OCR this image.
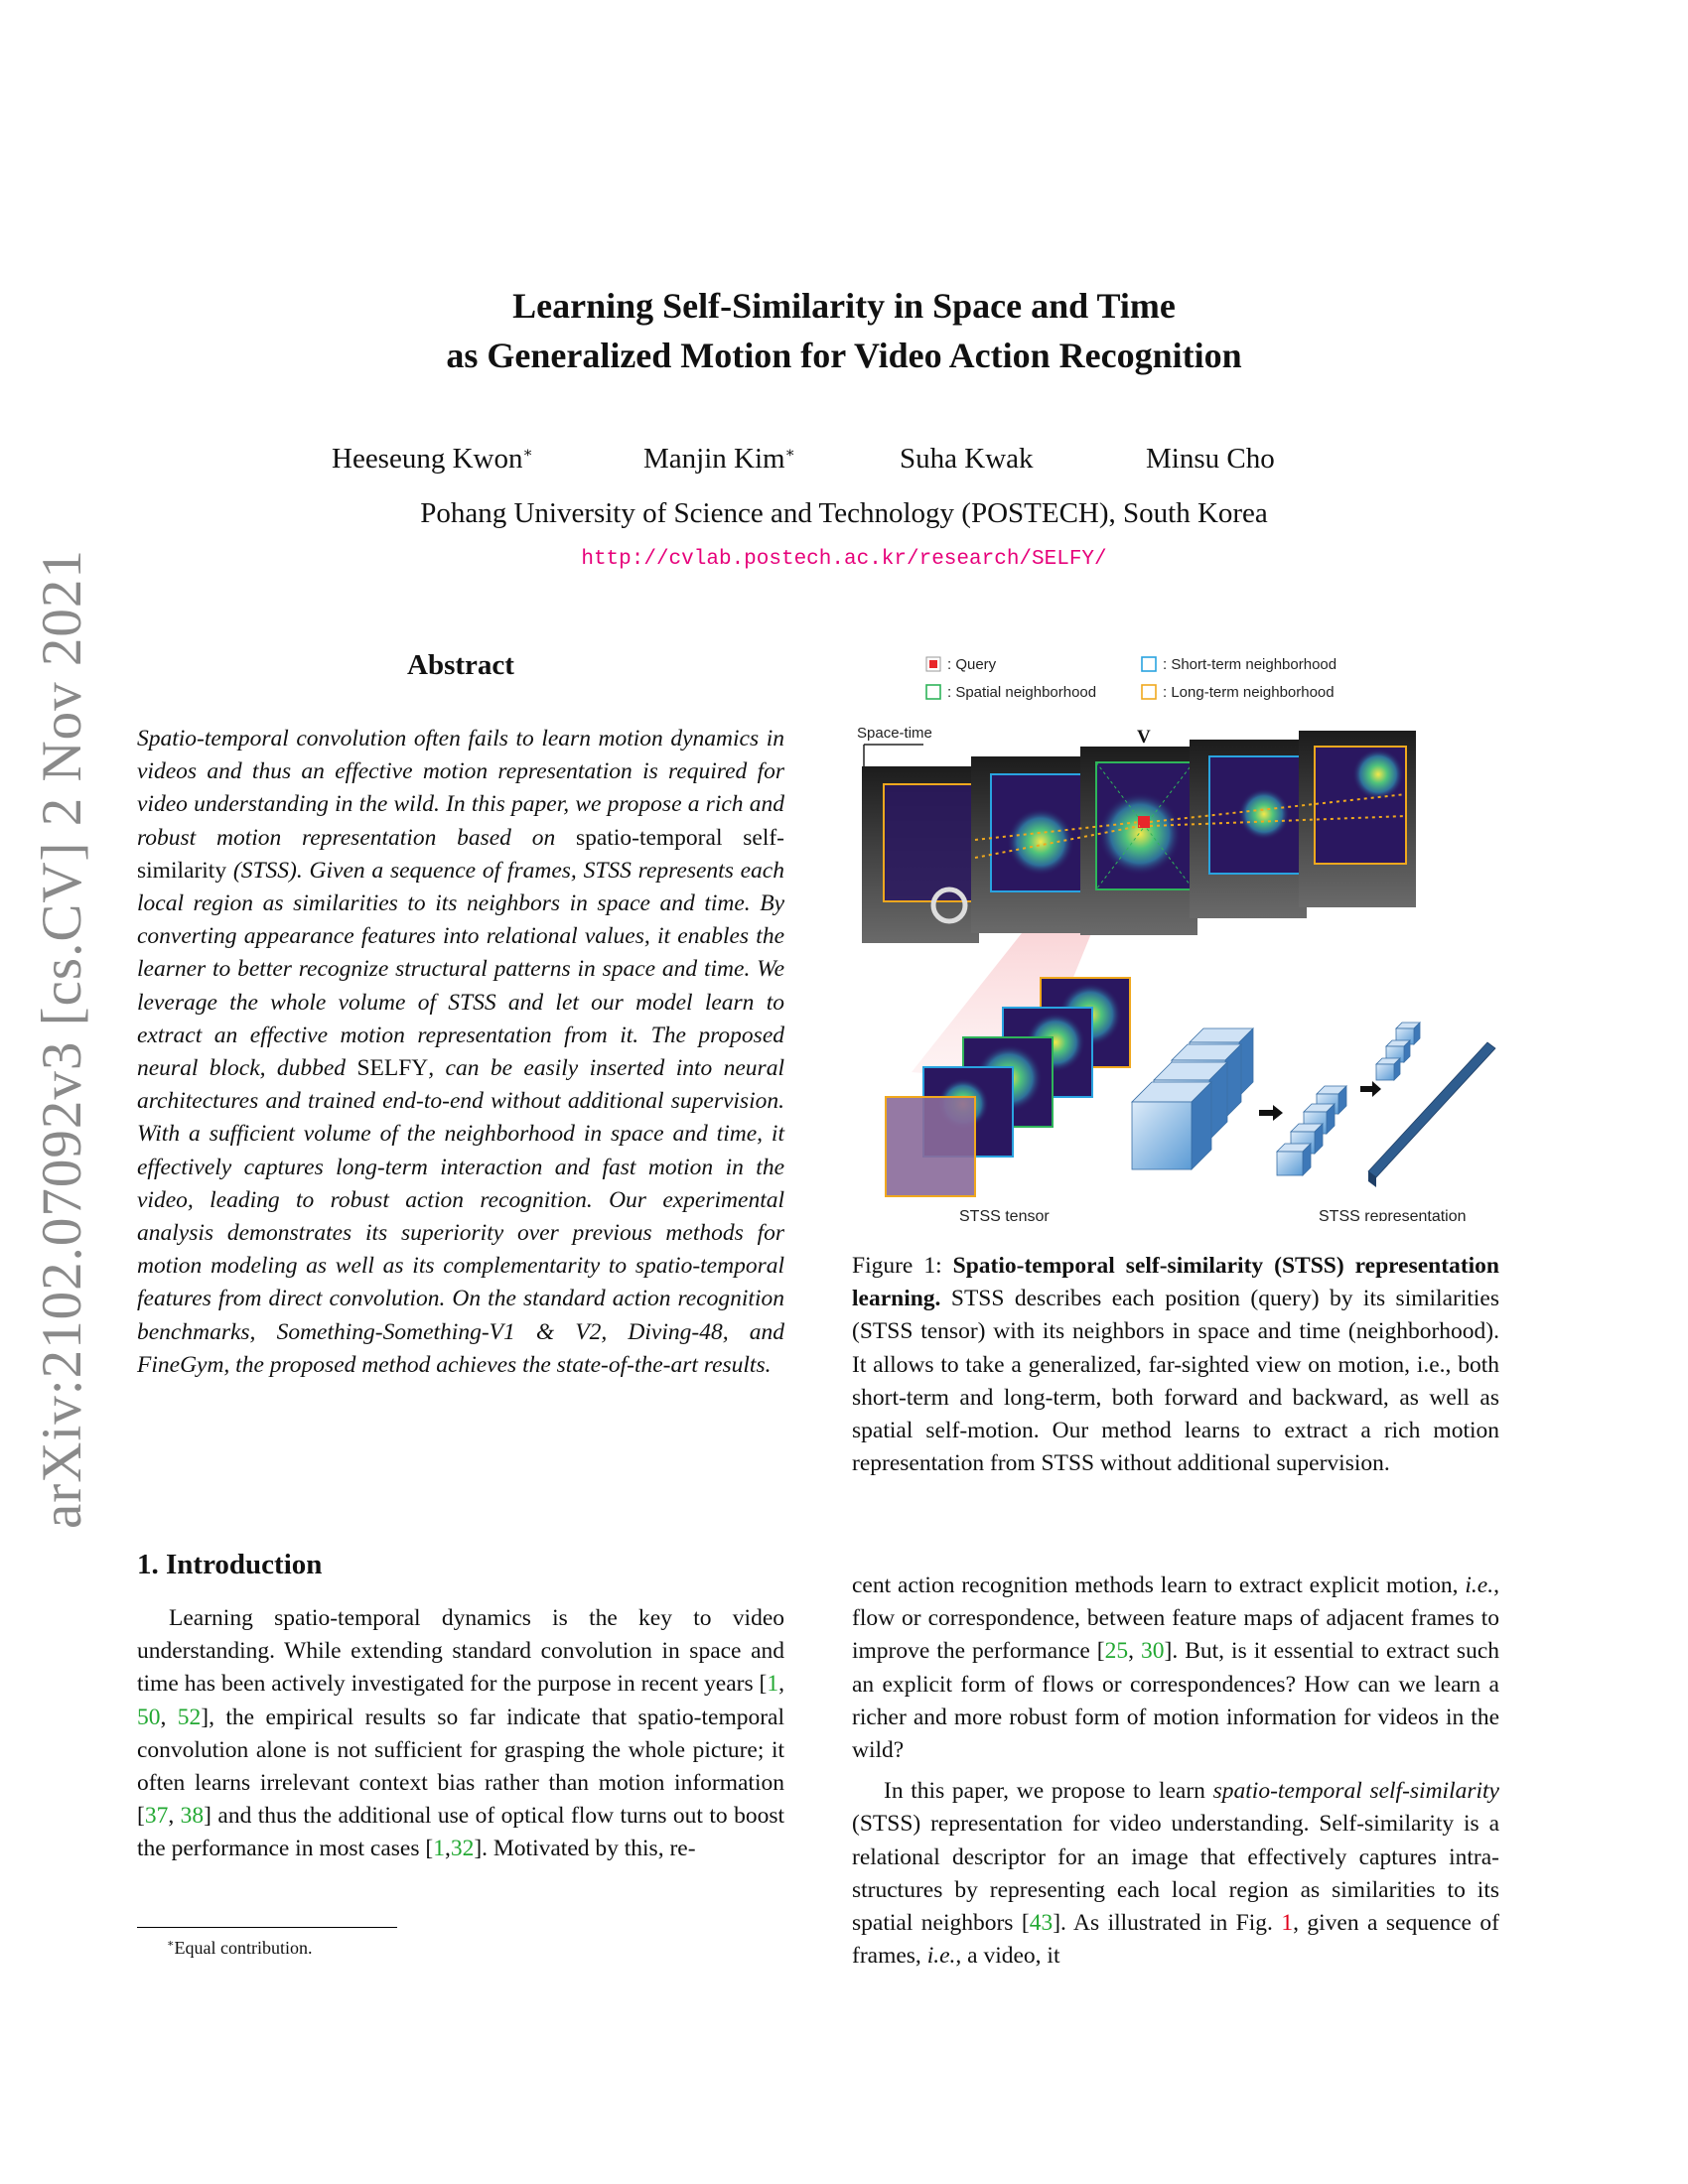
arXiv:2102.07092v3 [cs.CV] 2 Nov 2021
Learning Self-Similarity in Space and Time
as Generalized Motion for Video Action Recognition
Heeseung Kwon∗	Manjin Kim∗	Suha Kwak	Minsu Cho
Pohang University of Science and Technology (POSTECH), South Korea
http://cvlab.postech.ac.kr/research/SELFY/
Abstract
Spatio-temporal convolution often fails to learn motion dynamics in videos and thus an effective motion representation is required for video understanding in the wild. In this paper, we propose a rich and robust motion representation based on spatio-temporal self-similarity (STSS). Given a sequence of frames, STSS represents each local region as similarities to its neighbors in space and time. By converting appearance features into relational values, it enables the learner to better recognize structural patterns in space and time. We leverage the whole volume of STSS and let our model learn to extract an effective motion representation from it. The proposed neural block, dubbed SELFY, can be easily inserted into neural architectures and trained end-to-end without additional supervision. With a sufficient volume of the neighborhood in space and time, it effectively captures long-term interaction and fast motion in the video, leading to robust action recognition. Our experimental analysis demonstrates its superiority over previous methods for motion modeling as well as its complementarity to spatio-temporal features from direct convolution. On the standard action recognition benchmarks, Something-Something-V1 & V2, Diving-48, and FineGym, the proposed method achieves the state-of-the-art results.
1. Introduction

Learning spatio-temporal dynamics is the key to video understanding. While extending standard convolution in space and time has been actively investigated for the purpose in recent years [1, 50, 52], the empirical results so far indicate that spatio-temporal convolution alone is not sufficient for grasping the whole picture; it often learns irrelevant context bias rather than motion information [37, 38] and thus the additional use of optical flow turns out to boost the performance in most cases [1,32]. Motivated by this, re-

∗Equal contribution.

cent action recognition methods learn to extract explicit motion, i.e., flow or correspondence, between feature maps of adjacent frames to improve the performance [25, 30]. But, is it essential to extract such an explicit form of flows or correspondences? How can we learn a richer and more robust form of motion information for videos in the wild?

In this paper, we propose to learn spatio-temporal self-similarity (STSS) representation for video understanding. Self-similarity is a relational descriptor for an image that effectively captures intra-structures by representing each local region as similarities to its spatial neighbors [43]. As illustrated in Fig. 1, given a sequence of frames, i.e., a video, it

: Query
: Spatial neighborhood
: Short-term neighborhood
: Long-term neighborhood
Space-time	V
STSS tensor	STSS representation
Figure 1: Spatio-temporal self-similarity (STSS) representation learning. STSS describes each position (query) by its similarities (STSS tensor) with its neighbors in space and time (neighborhood). It allows to take a generalized, far-sighted view on motion, i.e., both short-term and long-term, both forward and backward, as well as spatial self-motion. Our method learns to extract a rich motion representation from STSS without additional supervision.
